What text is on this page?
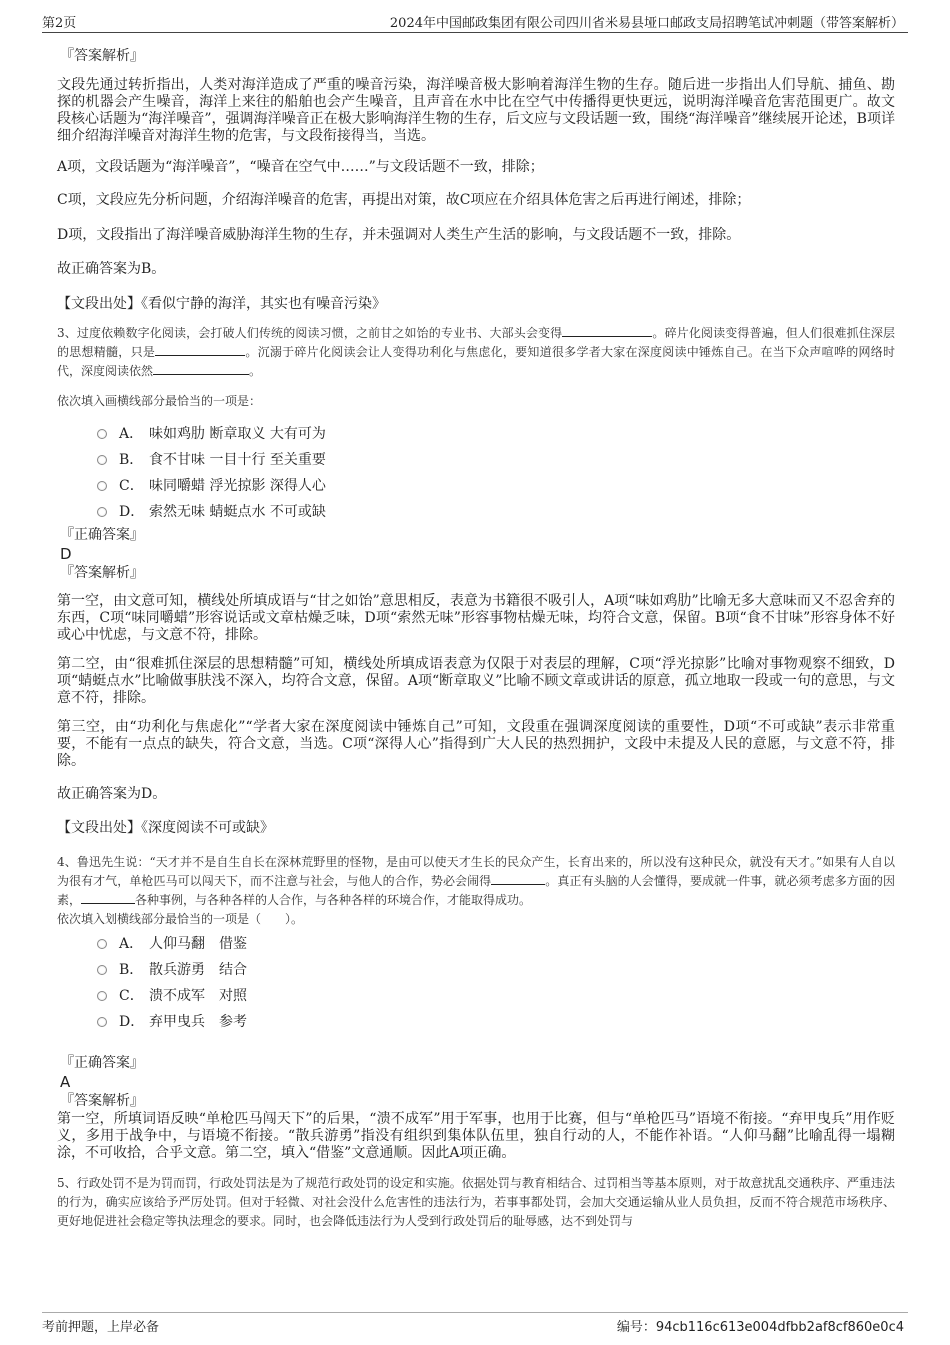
第2页	2024年中国邮政集团有限公司四川省米易县垭口邮政支局招聘笔试冲刺题（带答案解析）

『答案解析』

文段先通过转折指出，人类对海洋造成了严重的噪音污染，海洋噪音极大影响着海洋生物的生存。随后进一步指出人们导航、捕鱼、勘探的机器会产生噪音，海洋上来往的船舶也会产生噪音，且声音在水中比在空气中传播得更快更远，说明海洋噪音危害范围更广。故文段核心话题为“海洋噪音”，强调海洋噪音正在极大影响海洋生物的生存，后文应与文段话题一致，围绕“海洋噪音”继续展开论述，B项详细介绍海洋噪音对海洋生物的危害，与文段衔接得当，当选。

A项，文段话题为“海洋噪音”，“噪音在空气中……”与文段话题不一致，排除；

C项，文段应先分析问题，介绍海洋噪音的危害，再提出对策，故C项应在介绍具体危害之后再进行阐述，排除；

D项，文段指出了海洋噪音威胁海洋生物的生存，并未强调对人类生产生活的影响，与文段话题不一致，排除。

故正确答案为B。

【文段出处】《看似宁静的海洋，其实也有噪音污染》

3、过度依赖数字化阅读，会打破人们传统的阅读习惯，之前甘之如饴的专业书、大部头会变得	。碎片化阅读变得普遍，但人们很难抓住深层的思想精髓，只是	。沉溺于碎片化阅读会让人变得功利化与焦虑化，要知道很多学者大家在深度阅读中锤炼自己。在当下众声喧哗的网络时代，深度阅读依然	。

依次填入画横线部分最恰当的一项是：

A． 味如鸡肋 断章取义 大有可为
B． 食不甘味 一目十行 至关重要
C． 味同嚼蜡 浮光掠影 深得人心
D． 索然无味 蜻蜓点水 不可或缺

『正确答案』

D

『答案解析』

第一空，由文意可知，横线处所填成语与“甘之如饴”意思相反，表意为书籍很不吸引人，A项“味如鸡肋”比喻无多大意味而又不忍舍弃的东西，C项“味同嚼蜡”形容说话或文章枯燥乏味，D项“索然无味”形容事物枯燥无味，均符合文意，保留。B项“食不甘味”形容身体不好或心中忧虑，与文意不符，排除。

第二空，由“很难抓住深层的思想精髓”可知，横线处所填成语表意为仅限于对表层的理解，C项“浮光掠影”比喻对事物观察不细致，D项“蜻蜓点水”比喻做事肤浅不深入，均符合文意，保留。A项“断章取义”比喻不顾文章或讲话的原意，孤立地取一段或一句的意思，与文意不符，排除。

第三空，由“功利化与焦虑化”“学者大家在深度阅读中锤炼自己”可知，文段重在强调深度阅读的重要性，D项“不可或缺”表示非常重要，不能有一点点的缺失，符合文意，当选。C项“深得人心”指得到广大人民的热烈拥护，文段中未提及人民的意愿，与文意不符，排除。

故正确答案为D。

【文段出处】《深度阅读不可或缺》

4、鲁迅先生说：“天才并不是自生自长在深林荒野里的怪物，是由可以使天才生长的民众产生，长育出来的，所以没有这种民众，就没有天才。”如果有人自以为很有才气，单枪匹马可以闯天下，而不注意与社会，与他人的合作，势必会闹得	。真正有头脑的人会懂得，要成就一件事，就必须考虑多方面的因素，	各种事例，与各种各样的人合作，与各种各样的环境合作，才能取得成功。

依次填入划横线部分最恰当的一项是（　　）。

A． 人仰马翻　借鉴
B． 散兵游勇　结合
C． 溃不成军　对照
D． 弃甲曳兵　参考

『正确答案』

A

『答案解析』

第一空，所填词语反映“单枪匹马闯天下”的后果，“溃不成军”用于军事，也用于比赛，但与“单枪匹马”语境不衔接。“弃甲曳兵”用作贬义，多用于战争中，与语境不衔接。“散兵游勇”指没有组织到集体队伍里，独自行动的人，不能作补语。“人仰马翻”比喻乱得一塌糊涂，不可收拾，合乎文意。第二空，填入“借鉴”文意通顺。因此A项正确。

5、行政处罚不是为罚而罚，行政处罚法是为了规范行政处罚的设定和实施。依据处罚与教育相结合、过罚相当等基本原则，对于故意扰乱交通秩序、严重违法的行为，确实应该给予严厉处罚。但对于轻微、对社会没什么危害性的违法行为，若事事都处罚，会加大交通运输从业人员负担，反而不符合规范市场秩序、更好地促进社会稳定等执法理念的要求。同时，也会降低违法行为人受到行政处罚后的耻辱感，达不到处罚与

考前押题，上岸必备	编号：94cb116c613e004dfbb2af8cf860e0c4
